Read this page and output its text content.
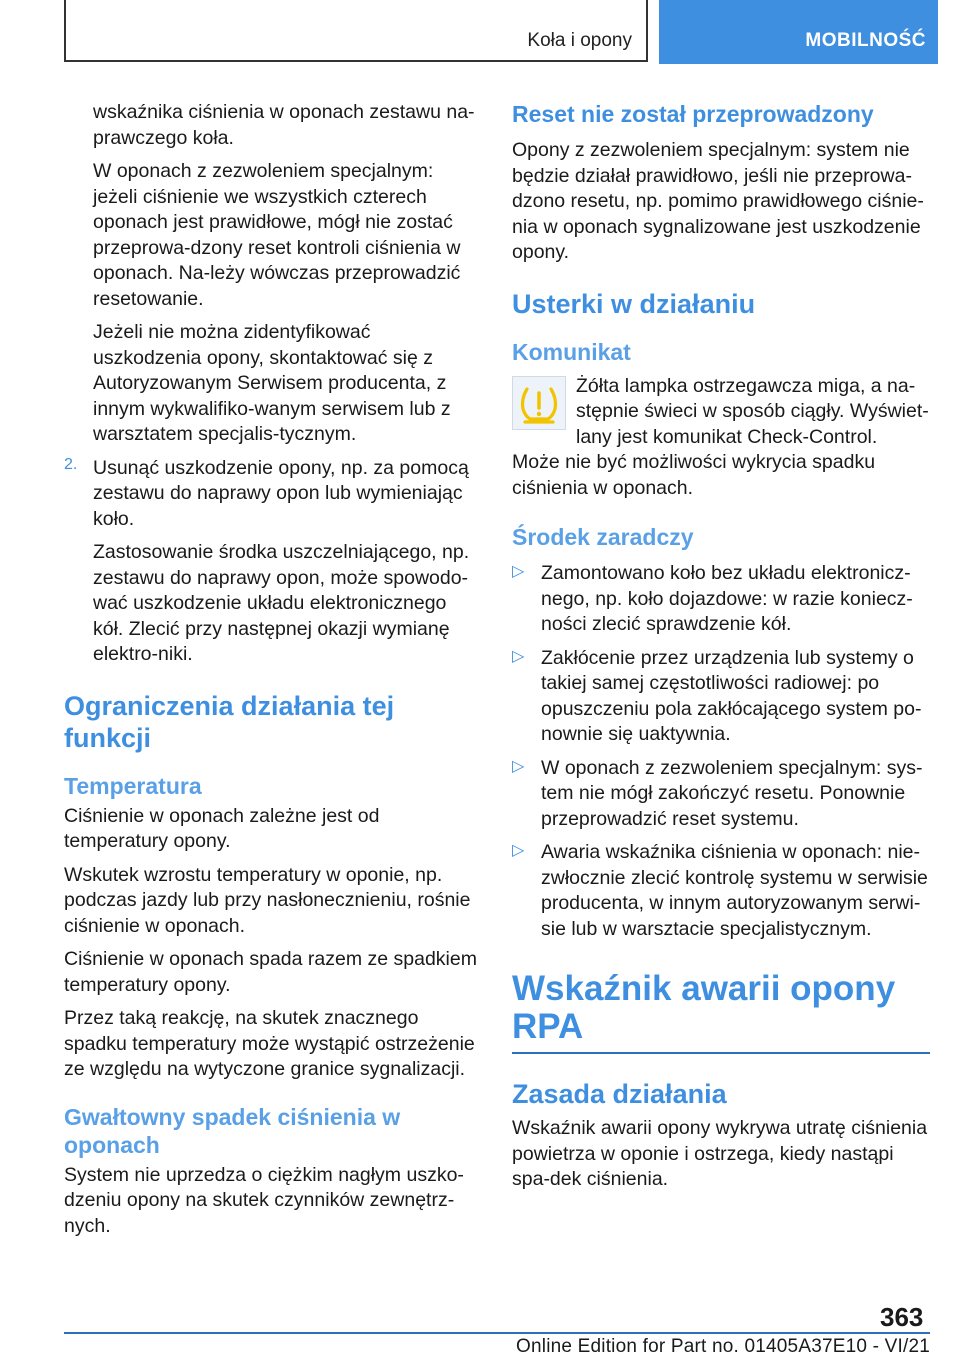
Koła i opony	MOBILNOŚĆ

wskaźnika ciśnienia w oponach zestawu na-prawczego koła.

W oponach z zezwoleniem specjalnym: jeżeli ciśnienie we wszystkich czterech oponach jest prawidłowe, mógł nie zostać przeprowa-dzony reset kontroli ciśnienia w oponach. Na-leży wówczas przeprowadzić resetowanie.

Jeżeli nie można zidentyfikować uszkodzenia opony, skontaktować się z Autoryzowanym Serwisem producenta, z innym wykwalifiko-wanym serwisem lub z warsztatem specjalis-tycznym.

2. Usunąć uszkodzenie opony, np. za pomocą zestawu do naprawy opon lub wymieniając koło.

Zastosowanie środka uszczelniającego, np. zestawu do naprawy opon, może spowodo-wać uszkodzenie układu elektronicznego kół. Zlecić przy następnej okazji wymianę elektro-niki.

Ograniczenia działania tej funkcji
Temperatura

Ciśnienie w oponach zależne jest od temperatury opony.

Wskutek wzrostu temperatury w oponie, np. podczas jazdy lub przy nasłonecznieniu, rośnie ciśnienie w oponach.

Ciśnienie w oponach spada razem ze spadkiem temperatury opony.

Przez taką reakcję, na skutek znacznego spadku temperatury może wystąpić ostrzeżenie ze względu na wytyczone granice sygnalizacji.

Gwałtowny spadek ciśnienia w oponach

System nie uprzedza o ciężkim nagłym uszko-dzeniu opony na skutek czynników zewnętrz-nych.

Reset nie został przeprowadzony

Opony z zezwoleniem specjalnym: system nie będzie działał prawidłowo, jeśli nie przeprowa-dzono resetu, np. pomimo prawidłowego ciśnie-nia w oponach sygnalizowane jest uszkodzenie opony.

Usterki w działaniu
Komunikat

Żółta lampka ostrzegawcza miga, a na-stępnie świeci w sposób ciągły. Wyświet-lany jest komunikat Check-Control. Może nie być możliwości wykrycia spadku ciśnienia w oponach.

Środek zaradczy
▷ Zamontowano koło bez układu elektronicz-nego, np. koło dojazdowe: w razie koniecz-ności zlecić sprawdzenie kół.

▷ Zakłócenie przez urządzenia lub systemy o takiej samej częstotliwości radiowej: po opuszczeniu pola zakłócającego system po-nownie się uaktywnia.

▷ W oponach z zezwoleniem specjalnym: sys-tem nie mógł zakończyć resetu. Ponownie przeprowadzić reset systemu.

▷ Awaria wskaźnika ciśnienia w oponach: nie-zwłocznie zlecić kontrolę systemu w serwisie producenta, w innym autoryzowanym serwi-sie lub w warsztacie specjalistycznym.

Wskaźnik awarii opony RPA
Zasada działania

Wskaźnik awarii opony wykrywa utratę ciśnienia powietrza w oponie i ostrzega, kiedy nastąpi spa-dek ciśnienia.

363
Online Edition for Part no. 01405A37E10 - VI/21
